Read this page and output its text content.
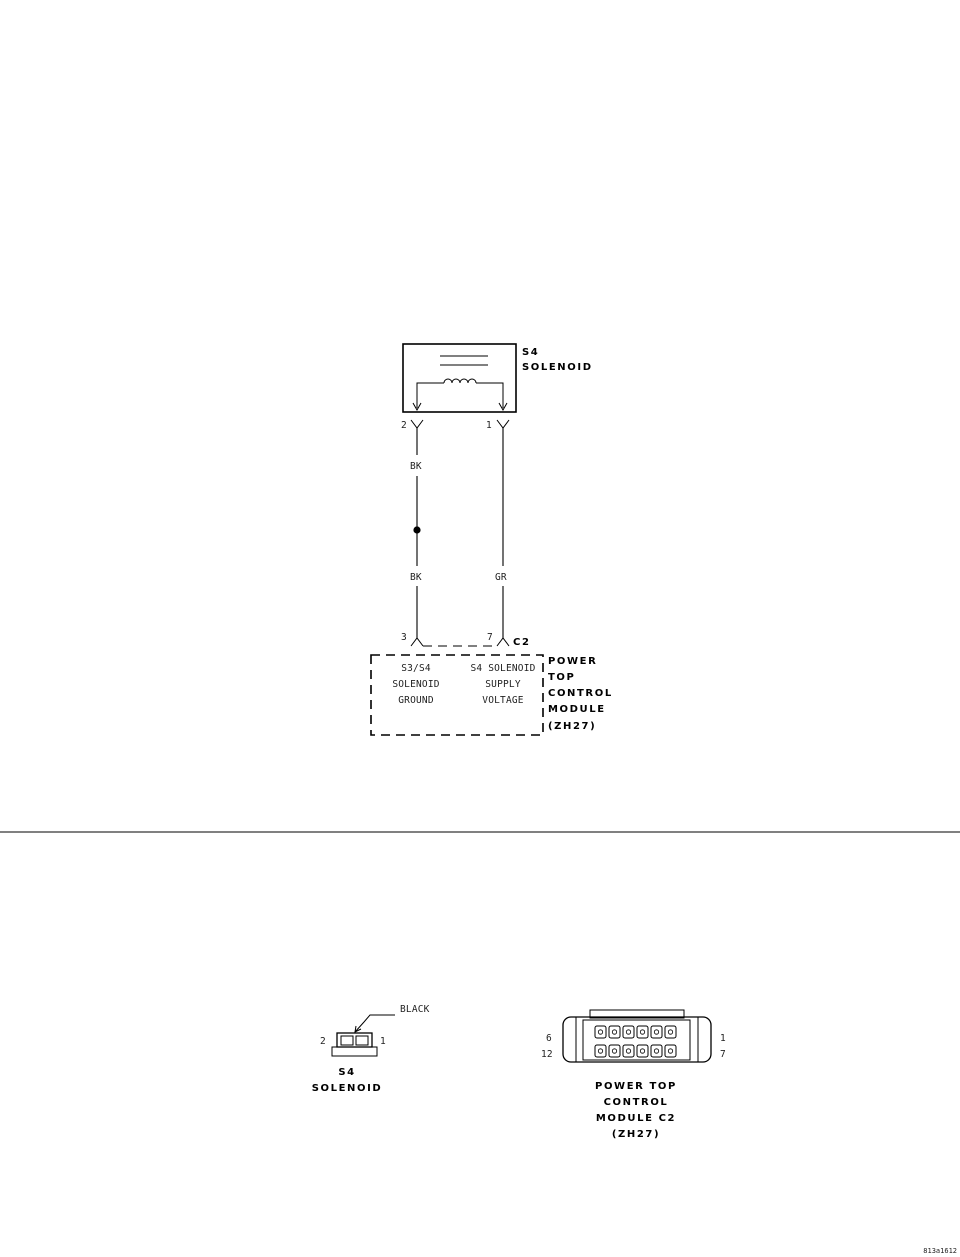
S4
SOLENOID
2	1
BK
BK	GR
3	7 C2
S3/S4
SOLENOID
GROUND
S4 SOLENOID
SUPPLY
VOLTAGE
POWER
TOP
CONTROL
MODULE
(ZH27)
BLACK
2	1
S4
SOLENOID
6
12
1
7
POWER TOP
CONTROL
MODULE C2
(ZH27)
813a1612
